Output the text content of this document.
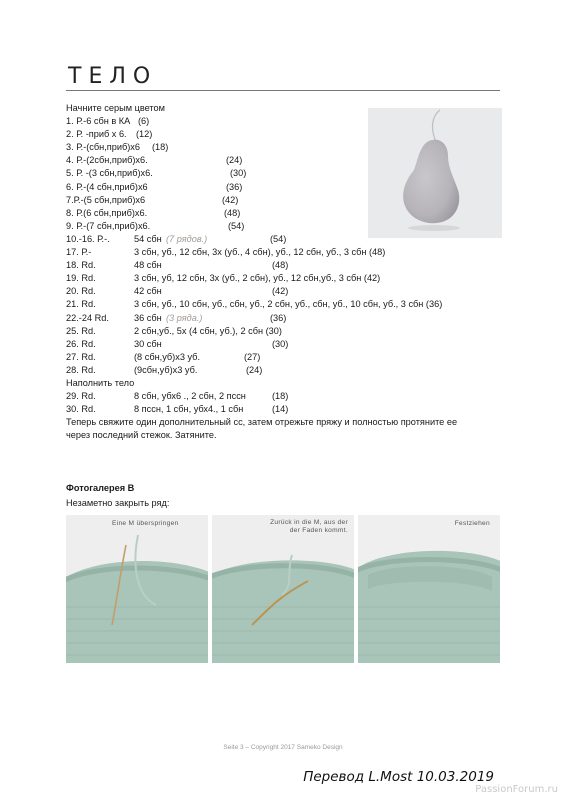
ТЕЛО
Начните серым цветом
1. Р.-6 сбн в КА (6)
2. Р. -приб х 6. (12)
3. Р.-(сбн,приб)х6 (18)
4. Р.-(2сбн,приб)х6.	(24)
5. Р. -(3 сбн,приб)х6.	(30)
6. Р.-(4 сбн,приб)х6	(36)
7.Р.-(5 сбн,приб)х6	(42)
8. Р.(6 сбн,приб)х6.	(48)
9. Р.-(7 сбн,приб)х6.	(54)
10.-16. Р.-.	54 сбн (7 рядов.)	(54)
17. Р.-	3 сбн, уб., 12 сбн, 3х (уб., 4 сбн), уб., 12 сбн, уб., 3 сбн (48)
18. Rd.	48 сбн	(48)
19. Rd.	3 сбн, уб, 12 сбн, 3х (уб., 2 сбн), уб., 12 сбн,уб., 3 сбн (42)
20. Rd.	42 сбн	(42)
21. Rd.	3 сбн, уб., 10 сбн, уб., сбн, уб., 2 сбн, уб., сбн, уб., 10 сбн, уб., 3 сбн (36)
22.-24 Rd.	36 сбн (3 ряда.)	(36)
25. Rd.	2 сбн,уб., 5х (4 сбн, уб.), 2 сбн (30)
26. Rd.	30 сбн	(30)
27. Rd.	(8 сбн,уб)х3 уб.	(27)
28. Rd.	(9сбн,уб)х3 уб.	(24)
Наполнить тело
29. Rd.	8 сбн, убх6 ., 2 сбн, 2 пссн	(18)
30. Rd.	8 пссн, 1 сбн, убх4., 1 сбн	(14)
Теперь свяжите один дополнительный сс, затем отрежьте пряжу и полностью протяните ее
через последний стежок. Затяните.
Фотогалерея В
Незаметно закрыть ряд:
Eine M überspringen	Zurück in die M, aus der
der Faden kommt.
Festziehen
Seite 3 – Copyright 2017 Sameko Design
Перевод L.Most 10.03.2019
PassionForum.ru
